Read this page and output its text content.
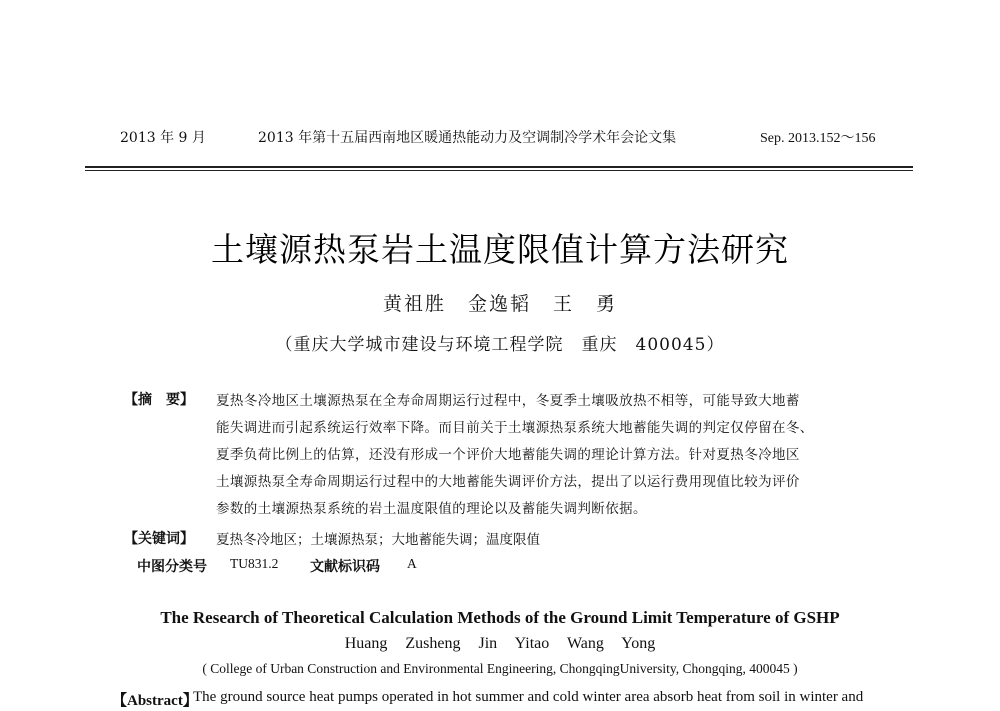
2013 年 9 月	2013 年第十五届西南地区暖通热能动力及空调制冷学术年会论文集	Sep. 2013.152～156
土壤源热泵岩土温度限值计算方法研究
黄祖胜 金逸韬 王 勇
（重庆大学城市建设与环境工程学院　重庆　400045）
【摘　要】 夏热冬冷地区土壤源热泵在全寿命周期运行过程中，冬夏季土壤吸放热不相等，可能导致大地蓄
能失调进而引起系统运行效率下降。而目前关于土壤源热泵系统大地蓄能失调的判定仅停留在冬、
夏季负荷比例上的估算，还没有形成一个评价大地蓄能失调的理论计算方法。针对夏热冬冷地区
土壤源热泵全寿命周期运行过程中的大地蓄能失调评价方法，提出了以运行费用现值比较为评价
参数的土壤源热泵系统的岩土温度限值的理论以及蓄能失调判断依据。
【关键词】 夏热冬冷地区；土壤源热泵；大地蓄能失调；温度限值
中图分类号 TU831.2 文献标识码 A
The Research of Theoretical Calculation Methods of the Ground Limit Temperature of GSHP
Huang Zusheng Jin Yitao Wang Yong
( College of Urban Construction and Environmental Engineering, ChongqingUniversity, Chongqing, 400045 )
【Abstract】
The ground source heat pumps operated in hot summer and cold winter area absorb heat from soil in winter and
